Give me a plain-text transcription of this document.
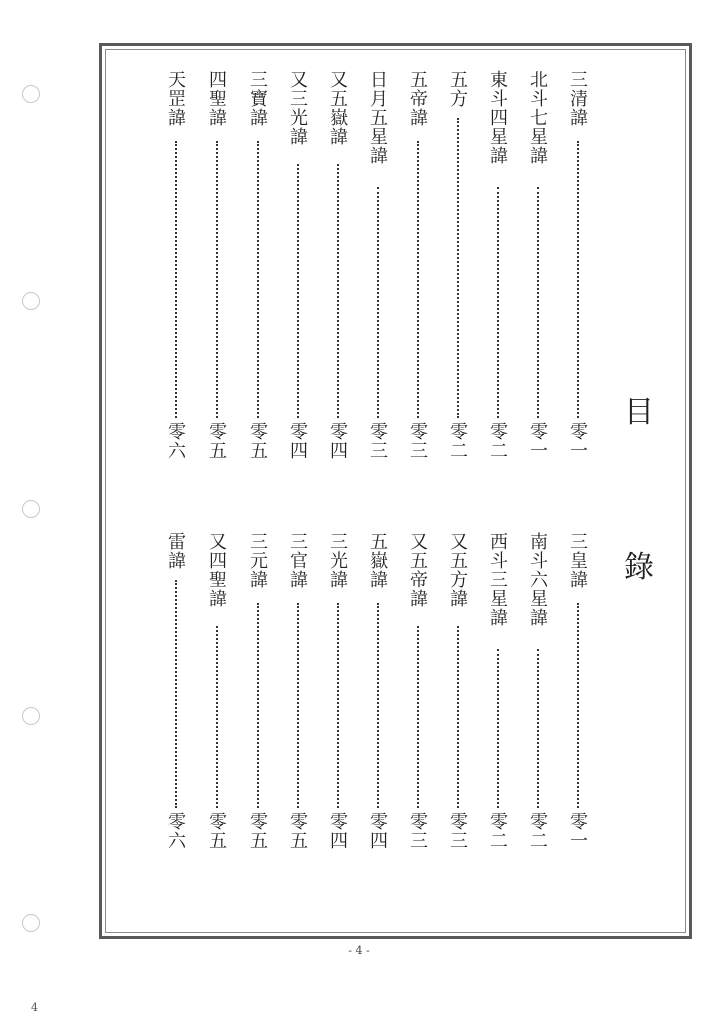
目
錄
三清諱
零一
北斗七星諱
零一
東斗四星諱
零二
五方
零二
五帝諱
零三
日月五星諱
零三
又五嶽諱
零四
又三光諱
零四
三寶諱
零五
四聖諱
零五
天罡諱
零六
三皇諱
零一
南斗六星諱
零二
西斗三星諱
零二
又五方諱
零三
又五帝諱
零三
五嶽諱
零四
三光諱
零四
三官諱
零五
三元諱
零五
又四聖諱
零五
雷諱
零六
- 4 -
4
